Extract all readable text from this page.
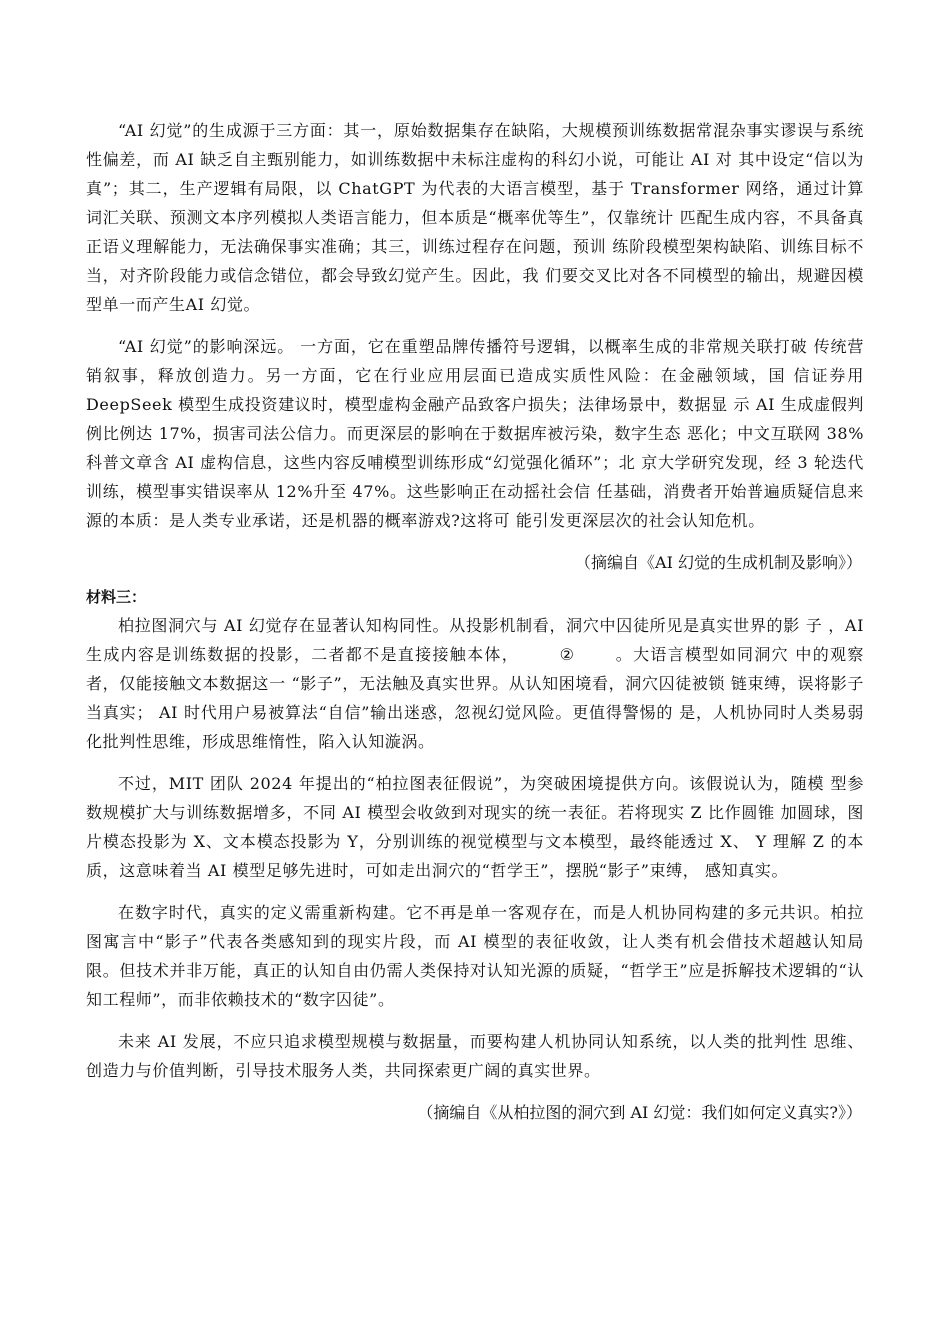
“AI 幻觉”的生成源于三方面：其一，原始数据集存在缺陷，大规模预训练数据常混杂事实谬误与系统性偏差，而 AI 缺乏自主甄别能力，如训练数据中未标注虚构的科幻小说，可能让 AI 对 其中设定“信以为真”；其二，生产逻辑有局限，以 ChatGPT 为代表的大语言模型，基于 Transformer 网络，通过计算词汇关联、预测文本序列模拟人类语言能力，但本质是“概率优等生”，仅靠统计 匹配生成内容，不具备真正语义理解能力，无法确保事实准确；其三，训练过程存在问题，预训 练阶段模型架构缺陷、训练目标不当，对齐阶段能力或信念错位，都会导致幻觉产生。因此，我 们要交叉比对各不同模型的输出，规避因模型单一而产生AI 幻觉。

“AI 幻觉”的影响深远。 一方面，它在重塑品牌传播符号逻辑，以概率生成的非常规关联打破 传统营销叙事，释放创造力。另一方面，它在行业应用层面已造成实质性风险：在金融领域，国 信证券用 DeepSeek 模型生成投资建议时，模型虚构金融产品致客户损失；法律场景中，数据显 示 AI 生成虚假判例比例达 17%，损害司法公信力。而更深层的影响在于数据库被污染，数字生态 恶化；中文互联网 38%科普文章含 AI 虚构信息，这些内容反哺模型训练形成“幻觉强化循环”；北 京大学研究发现，经 3 轮迭代训练，模型事实错误率从 12%升至 47%。这些影响正在动摇社会信 任基础，消费者开始普遍质疑信息来源的本质：是人类专业承诺，还是机器的概率游戏?这将可 能引发更深层次的社会认知危机。

（摘编自《AI 幻觉的生成机制及影响》）

材料三：

柏拉图洞穴与 AI 幻觉存在显著认知构同性。从投影机制看，洞穴中囚徒所见是真实世界的影 子 ，AI 生成内容是训练数据的投影，二者都不是直接接触本体，	②	。大语言模型如同洞穴 中的观察者，仅能接触文本数据这一 “影子”，无法触及真实世界。从认知困境看，洞穴囚徒被锁 链束缚，误将影子当真实； AI 时代用户易被算法“自信”输出迷惑，忽视幻觉风险。更值得警惕的 是，人机协同时人类易弱化批判性思维，形成思维惰性，陷入认知漩涡。

不过，MIT 团队 2024 年提出的“柏拉图表征假说”，为突破困境提供方向。该假说认为，随模 型参数规模扩大与训练数据增多，不同 AI 模型会收敛到对现实的统一表征。若将现实 Z 比作圆锥 加圆球，图片模态投影为 X、文本模态投影为 Y，分别训练的视觉模型与文本模型，最终能透过 X、 Y 理解 Z 的本质，这意味着当 AI 模型足够先进时，可如走出洞穴的“哲学王”，摆脱“影子”束缚， 感知真实。

在数字时代，真实的定义需重新构建。它不再是单一客观存在，而是人机协同构建的多元共识。柏拉图寓言中“影子”代表各类感知到的现实片段，而 AI 模型的表征收敛，让人类有机会借技术超越认知局限。但技术并非万能，真正的认知自由仍需人类保持对认知光源的质疑，“哲学王”应是拆解技术逻辑的“认知工程师”，而非依赖技术的“数字囚徒”。

未来 AI 发展，不应只追求模型规模与数据量，而要构建人机协同认知系统，以人类的批判性 思维、创造力与价值判断，引导技术服务人类，共同探索更广阔的真实世界。

（摘编自《从柏拉图的洞穴到 AI 幻觉：我们如何定义真实?》）
